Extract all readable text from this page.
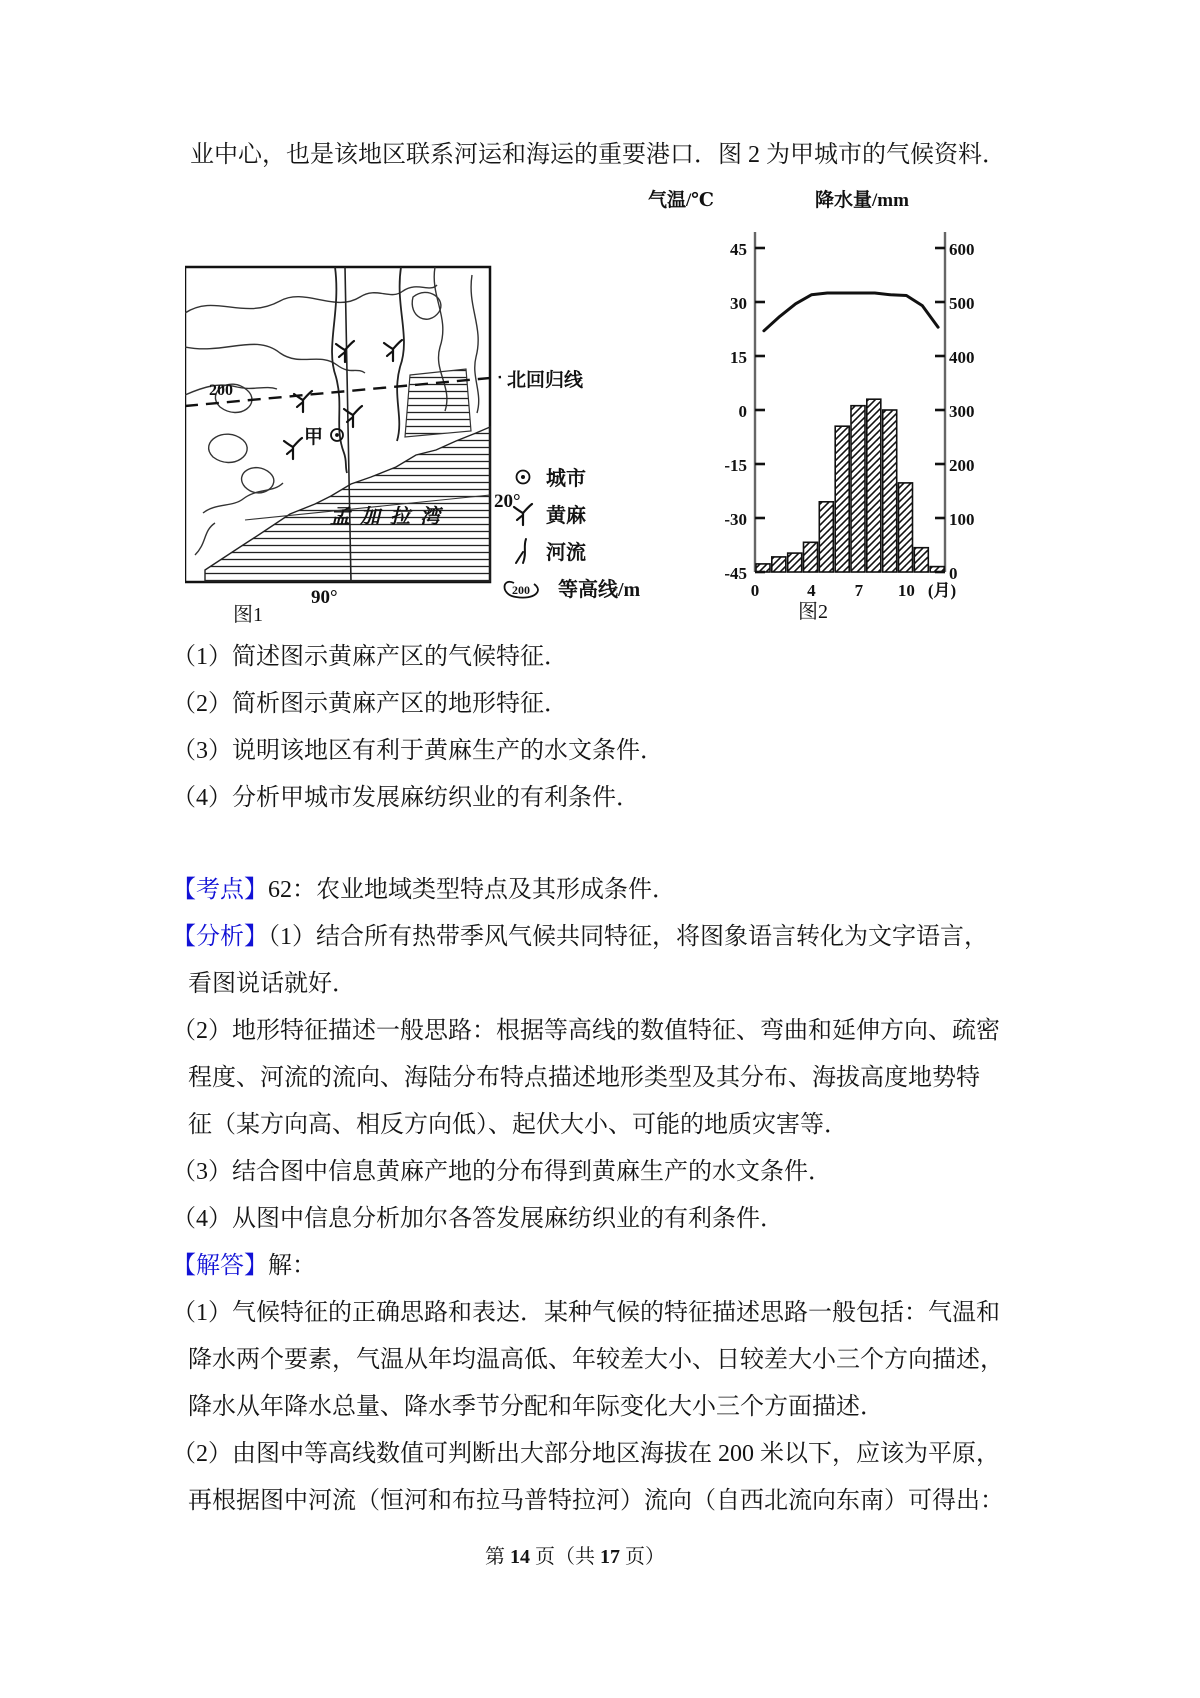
业中心，也是该地区联系河运和海运的重要港口．图 2 为甲城市的气候资料．
北回归线
200
甲
孟加拉湾
20°
90°
图1
城市
黄麻
河流
200 等高线/m
气温/℃	降水量/mm
(月)
图2
45
30
15
0
-15
-30
-45
600
500
400
300
200
100
0
0	4 7 10
（1）简述图示黄麻产区的气候特征．
（2）简析图示黄麻产区的地形特征．
（3）说明该地区有利于黄麻生产的水文条件．
（4）分析甲城市发展麻纺织业的有利条件．
【考点】62：农业地域类型特点及其形成条件．
【分析】（1）结合所有热带季风气候共同特征，将图象语言转化为文字语言，
看图说话就好．
（2）地形特征描述一般思路：根据等高线的数值特征、弯曲和延伸方向、疏密
程度、河流的流向、海陆分布特点描述地形类型及其分布、海拔高度地势特
征（某方向高、相反方向低）、起伏大小、可能的地质灾害等．
（3）结合图中信息黄麻产地的分布得到黄麻生产的水文条件．
（4）从图中信息分析加尔各答发展麻纺织业的有利条件．
【解答】解：
（1）气候特征的正确思路和表达．某种气候的特征描述思路一般包括：气温和
降水两个要素，气温从年均温高低、年较差大小、日较差大小三个方向描述，
降水从年降水总量、降水季节分配和年际变化大小三个方面描述．
（2）由图中等高线数值可判断出大部分地区海拔在 200 米以下，应该为平原，
再根据图中河流（恒河和布拉马普特拉河）流向（自西北流向东南）可得出：
第 14 页（共 17 页）
